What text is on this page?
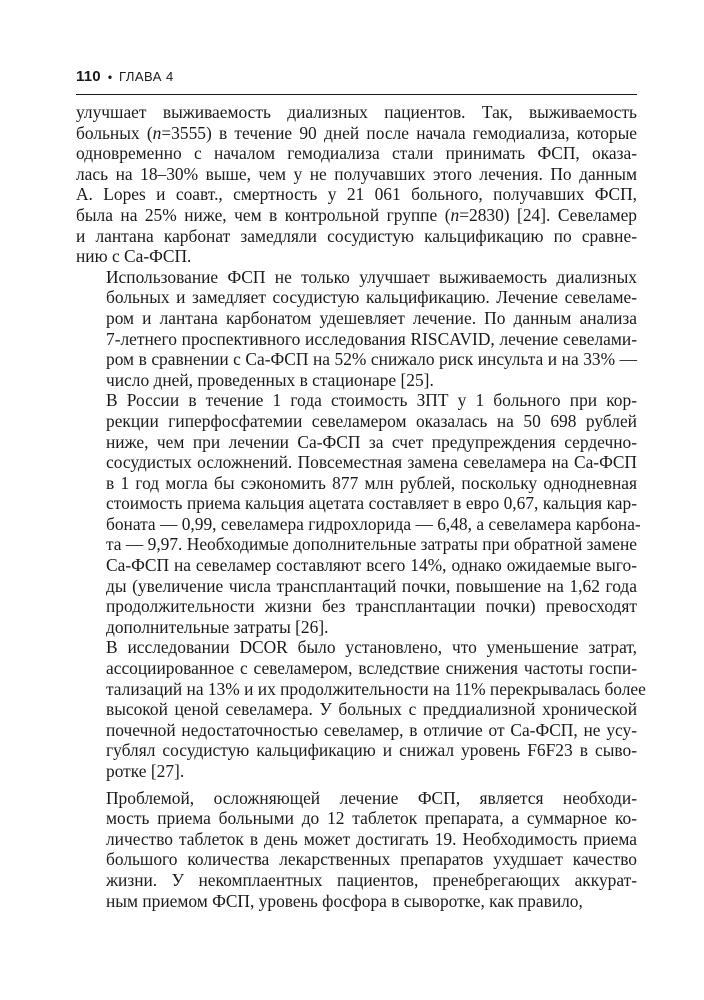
110 • ГЛАВА 4

улучшает выживаемость диализных пациентов. Так, выживаемость
больных (n=3555) в течение 90 дней после начала гемодиализа, которые
одновременно с началом гемодиализа стали принимать ФСП, оказа-
лась на 18–30% выше, чем у не получавших этого лечения. По данным
A. Lopes и соавт., смертность у 21 061 больного, получавших ФСП,
была на 25% ниже, чем в контрольной группе (n=2830) [24]. Севеламер
и лантана карбонат замедляли сосудистую кальцификацию по сравне-
нию с Са-ФСП.

Использование ФСП не только улучшает выживаемость диализных
больных и замедляет сосудистую кальцификацию. Лечение севеламе-
ром и лантана карбонатом удешевляет лечение. По данным анализа
7-летнего проспективного исследования RISCAVID, лечение севелами-
ром в сравнении с Са-ФСП на 52% снижало риск инсульта и на 33% —
число дней, проведенных в стационаре [25].

В России в течение 1 года стоимость ЗПТ у 1 больного при кор-
рекции гиперфосфатемии севеламером оказалась на 50 698 рублей
ниже, чем при лечении Са-ФСП за счет предупреждения сердечно-
сосудистых осложнений. Повсеместная замена севеламера на Са-ФСП
в 1 год могла бы сэкономить 877 млн рублей, поскольку однодневная
стоимость приема кальция ацетата составляет в евро 0,67, кальция кар-
боната — 0,99, севеламера гидрохлорида — 6,48, а севеламера карбона-
та — 9,97. Необходимые дополнительные затраты при обратной замене
Са-ФСП на севеламер составляют всего 14%, однако ожидаемые выго-
ды (увеличение числа трансплантаций почки, повышение на 1,62 года
продолжительности жизни без трансплантации почки) превосходят
дополнительные затраты [26].

В исследовании DCOR было установлено, что уменьшение затрат,
ассоциированное с севеламером, вследствие снижения частоты госпи-
тализаций на 13% и их продолжительности на 11% перекрывалась более
высокой ценой севеламера. У больных с преддиализной хронической
почечной недостаточностью севеламер, в отличие от Са-ФСП, не усу-
гублял сосудистую кальцификацию и снижал уровень F6F23 в сыво-
ротке [27].

Проблемой, осложняющей лечение ФСП, является необходи-
мость приема больными до 12 таблеток препарата, а суммарное ко-
личество таблеток в день может достигать 19. Необходимость приема
большого количества лекарственных препаратов ухудшает качество
жизни. У некомплаентных пациентов, пренебрегающих аккурат-
ным приемом ФСП, уровень фосфора в сыворотке, как правило,
